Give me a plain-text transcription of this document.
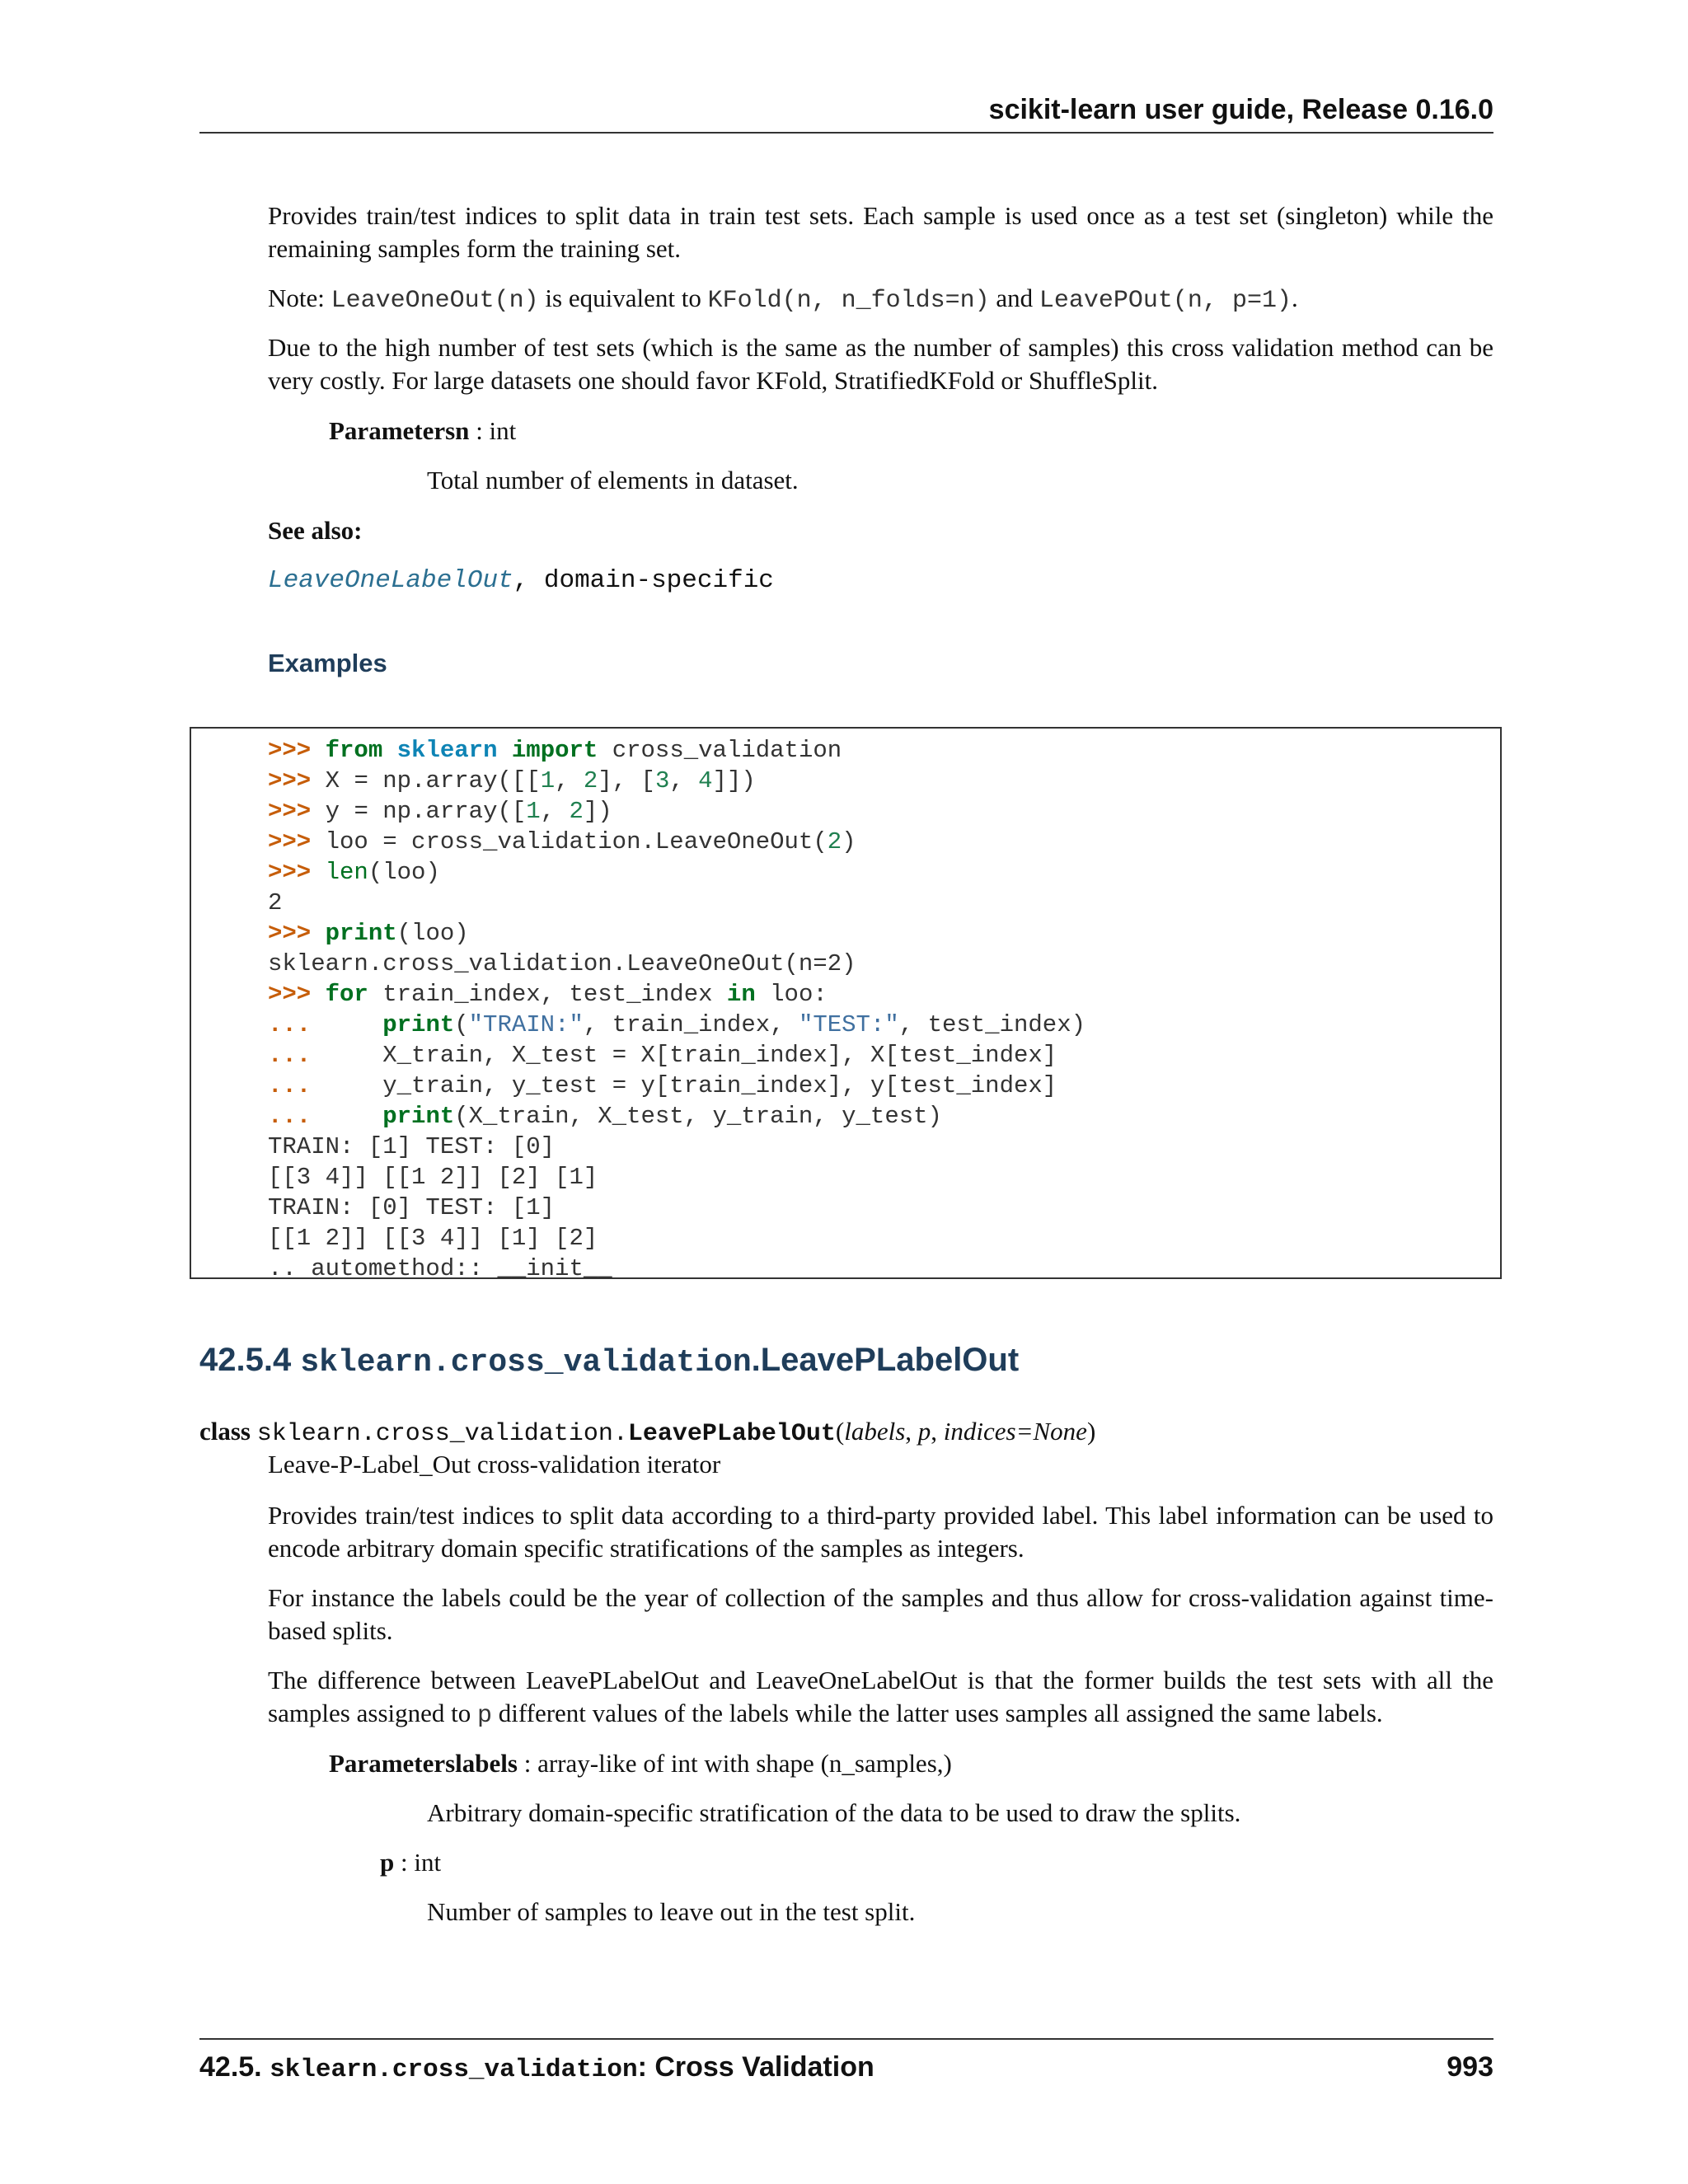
scikit-learn user guide, Release 0.16.0
Provides train/test indices to split data in train test sets. Each sample is used once as a test set (singleton) while the remaining samples form the training set.
Note: LeaveOneOut(n) is equivalent to KFold(n, n_folds=n) and LeavePOut(n, p=1).
Due to the high number of test sets (which is the same as the number of samples) this cross validation method can be very costly. For large datasets one should favor KFold, StratifiedKFold or ShuffleSplit.
Parametersn : int
Total number of elements in dataset.
See also:
LeaveOneLabelOut, domain-specific
Examples
>>> from sklearn import cross_validation
>>> X = np.array([[1, 2], [3, 4]])
>>> y = np.array([1, 2])
>>> loo = cross_validation.LeaveOneOut(2)
>>> len(loo)
2
>>> print(loo)
sklearn.cross_validation.LeaveOneOut(n=2)
>>> for train_index, test_index in loo:
...	print("TRAIN:", train_index, "TEST:", test_index)
...	X_train, X_test = X[train_index], X[test_index]
...	y_train, y_test = y[train_index], y[test_index]
...	print(X_train, X_test, y_train, y_test)
TRAIN: [1] TEST: [0]
[[3 4]] [[1 2]] [2] [1]
TRAIN: [0] TEST: [1]
[[1 2]] [[3 4]] [1] [2]
.. automethod:: __init__
42.5.4 sklearn.cross_validation.LeavePLabelOut
class sklearn.cross_validation.LeavePLabelOut(labels, p, indices=None)
Leave-P-Label_Out cross-validation iterator
Provides train/test indices to split data according to a third-party provided label. This label information can be used to encode arbitrary domain specific stratifications of the samples as integers.
For instance the labels could be the year of collection of the samples and thus allow for cross-validation against time-based splits.
The difference between LeavePLabelOut and LeaveOneLabelOut is that the former builds the test sets with all the samples assigned to p different values of the labels while the latter uses samples all assigned the same labels.
Parameterslabels : array-like of int with shape (n_samples,)
Arbitrary domain-specific stratification of the data to be used to draw the splits.
p : int
Number of samples to leave out in the test split.
42.5. sklearn.cross_validation: Cross Validation	993
